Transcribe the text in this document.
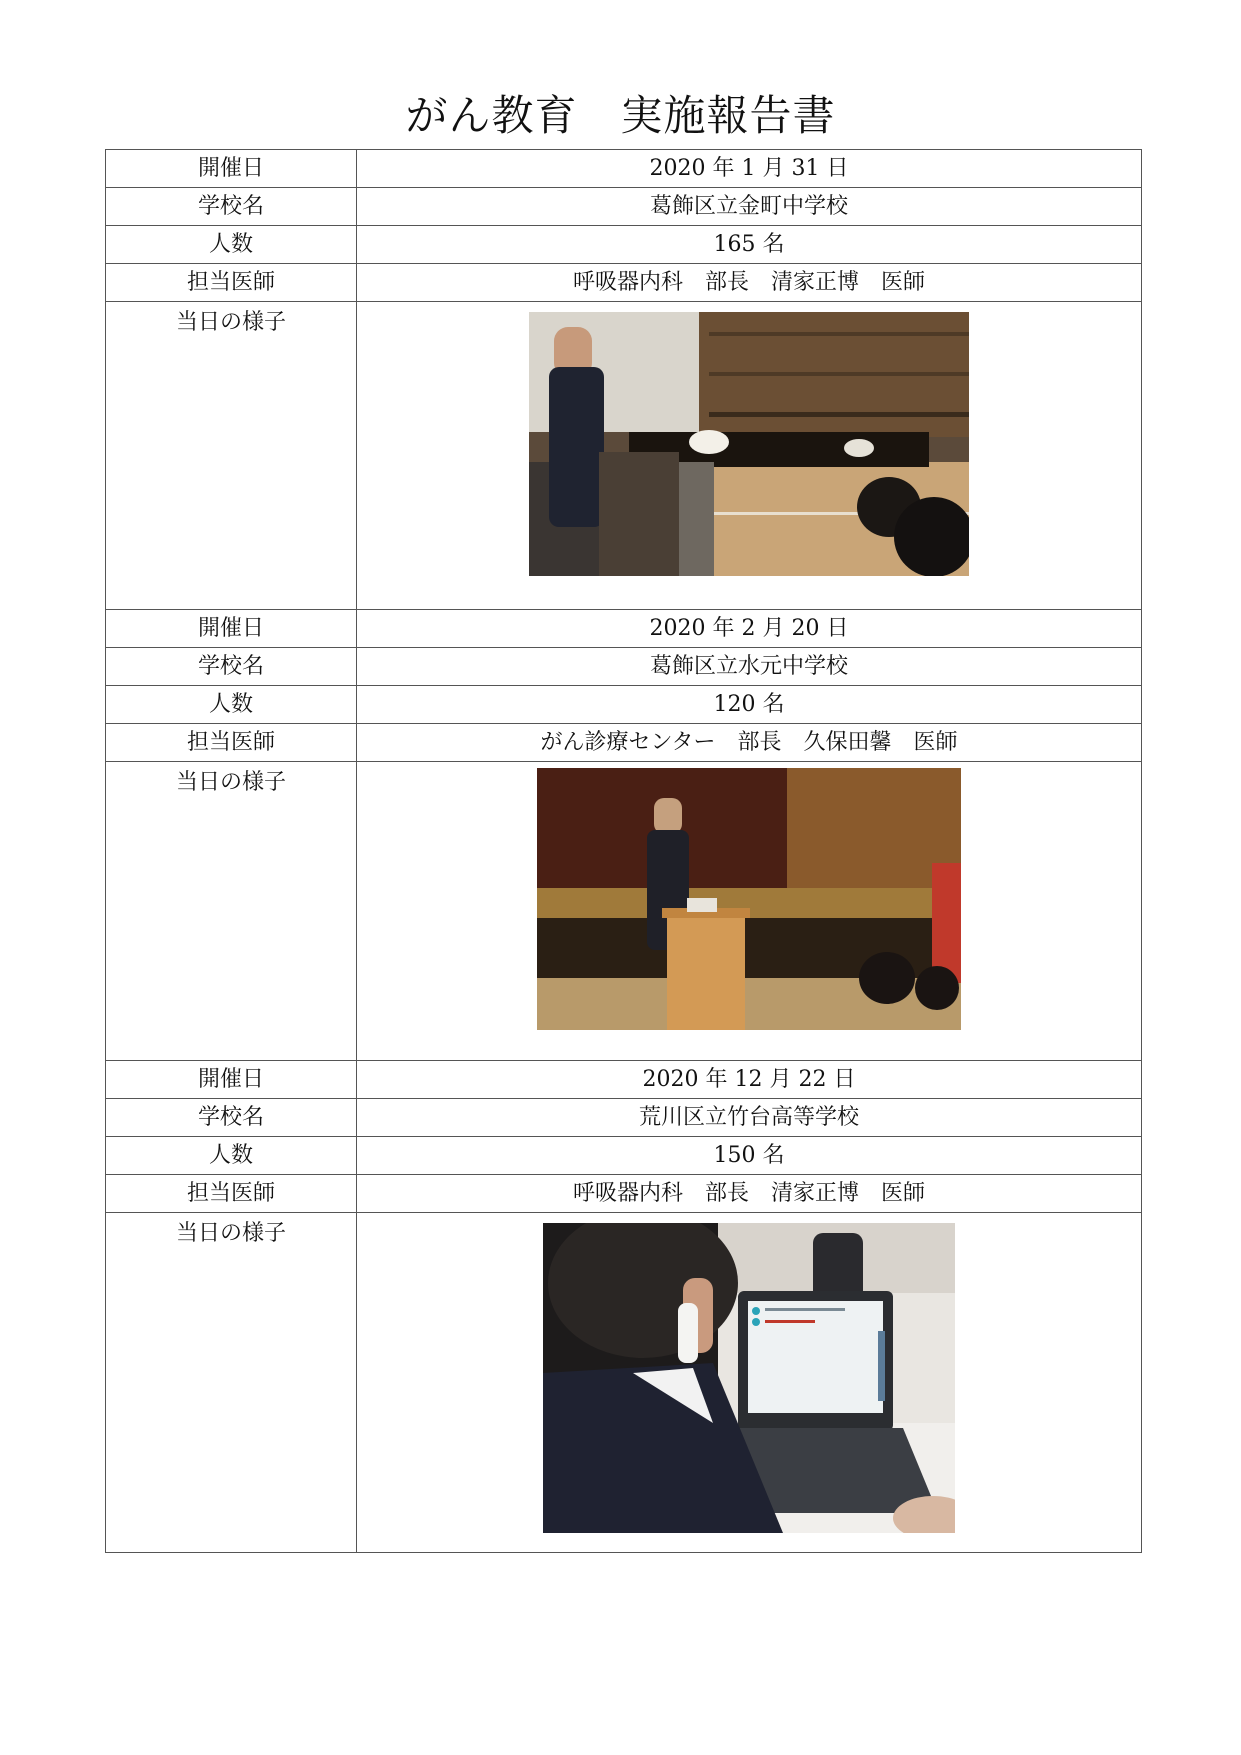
がん教育　実施報告書
開催日	2020 年 1 月 31 日
学校名	葛飾区立金町中学校
人数	165 名
担当医師	呼吸器内科　部長　清家正博　医師
当日の様子	

開催日	2020 年 2 月 20 日
学校名	葛飾区立水元中学校
人数	120 名
担当医師	がん診療センター　部長　久保田馨　医師
当日の様子	

開催日	2020 年 12 月 22 日
学校名	荒川区立竹台高等学校
人数	150 名
担当医師	呼吸器内科　部長　清家正博　医師
当日の様子	
